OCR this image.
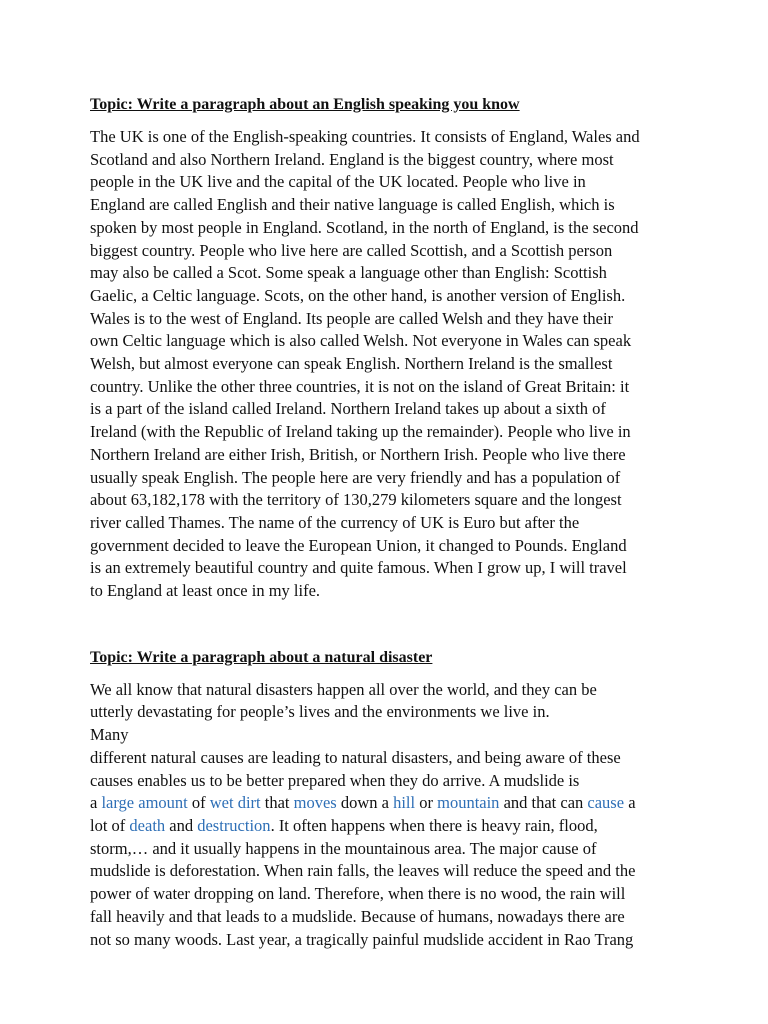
Topic: Write a paragraph about an English speaking you know

The UK is one of the English-speaking countries. It consists of England, Wales and
Scotland and also Northern Ireland. England is the biggest country, where most
people in the UK live and the capital of the UK located. People who live in
England are called English and their native language is called English, which is
spoken by most people in England. Scotland, in the north of England, is the second
biggest country. People who live here are called Scottish, and a Scottish person
may also be called a Scot. Some speak a language other than English: Scottish
Gaelic, a Celtic language. Scots, on the other hand, is another version of English.
Wales is to the west of England. Its people are called Welsh and they have their
own Celtic language which is also called Welsh. Not everyone in Wales can speak
Welsh, but almost everyone can speak English. Northern Ireland is the smallest
country. Unlike the other three countries, it is not on the island of Great Britain: it
is a part of the island called Ireland. Northern Ireland takes up about a sixth of
Ireland (with the Republic of Ireland taking up the remainder). People who live in
Northern Ireland are either Irish, British, or Northern Irish. People who live there
usually speak English. The people here are very friendly and has a population of
about 63,182,178 with the territory of 130,279 kilometers square and the longest
river called Thames. The name of the currency of UK is Euro but after the
government decided to leave the European Union, it changed to Pounds. England
is an extremely beautiful country and quite famous. When I grow up, I will travel
to England at least once in my life.

Topic: Write a paragraph about a natural disaster

We all know that natural disasters happen all over the world, and they can be
utterly devastating for people’s lives and the environments we live in.
Many
different natural causes are leading to natural disasters, and being aware of these
causes enables us to be better prepared when they do arrive. A mudslide is
a large amount of wet dirt that moves down a hill or mountain and that can cause a
lot of death and destruction. It often happens when there is heavy rain, flood,
storm,… and it usually happens in the mountainous area. The major cause of
mudslide is deforestation. When rain falls, the leaves will reduce the speed and the
power of water dropping on land. Therefore, when there is no wood, the rain will
fall heavily and that leads to a mudslide. Because of humans, nowadays there are
not so many woods. Last year, a tragically painful mudslide accident in Rao Trang
